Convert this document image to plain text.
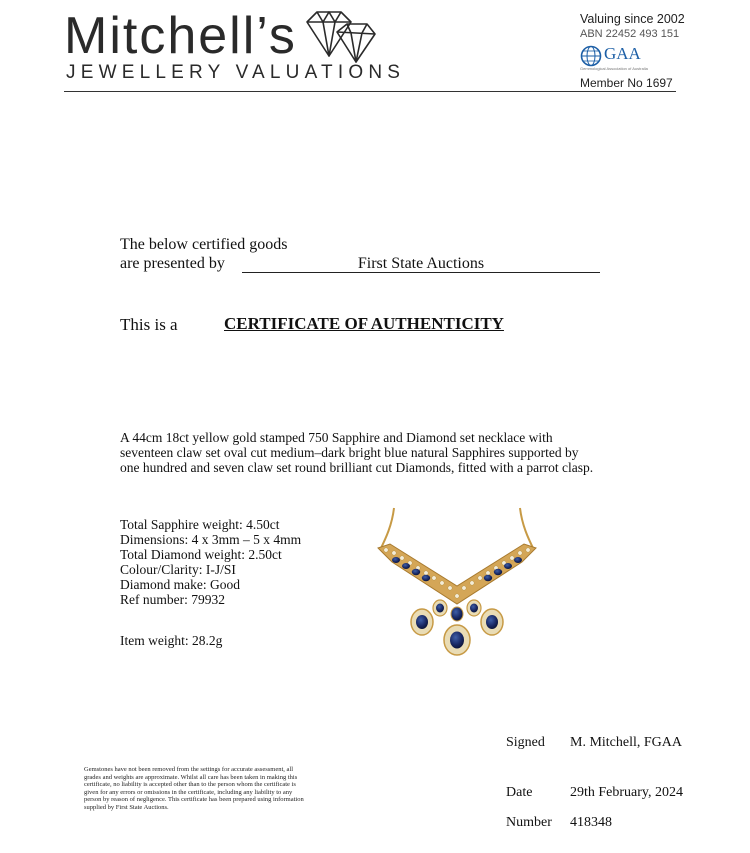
Mitchell’s
JEWELLERY VALUATIONS
Valuing since 2002
ABN 22452 493 151
GAA
Gemmological Association of Australia
Member No 1697
The below certified goods
are presented by	First State Auctions
This is a	CERTIFICATE OF AUTHENTICITY
A 44cm 18ct yellow gold stamped 750 Sapphire and Diamond set necklace with seventeen claw set oval cut medium–dark bright blue natural Sapphires supported by one hundred and seven claw set round brilliant cut Diamonds, fitted with a parrot clasp.
Total Sapphire weight: 4.50ct
Dimensions: 4 x 3mm – 5 x 4mm
Total Diamond weight: 2.50ct
Colour/Clarity: I-J/SI
Diamond make: Good
Ref number: 79932
Item weight: 28.2g
Signed M. Mitchell, FGAA
Date	29th February, 2024
Number 418348
Gemstones have not been removed from the settings for accurate assessment, all grades and weights are approximate. Whilst all care has been taken in making this certificate, no liability is accepted other than to the person whom the certificate is given for any errors or omissions in the certificate, including any liability to any person by reason of negligence. This certificate has been prepared using information supplied by First State Auctions.
